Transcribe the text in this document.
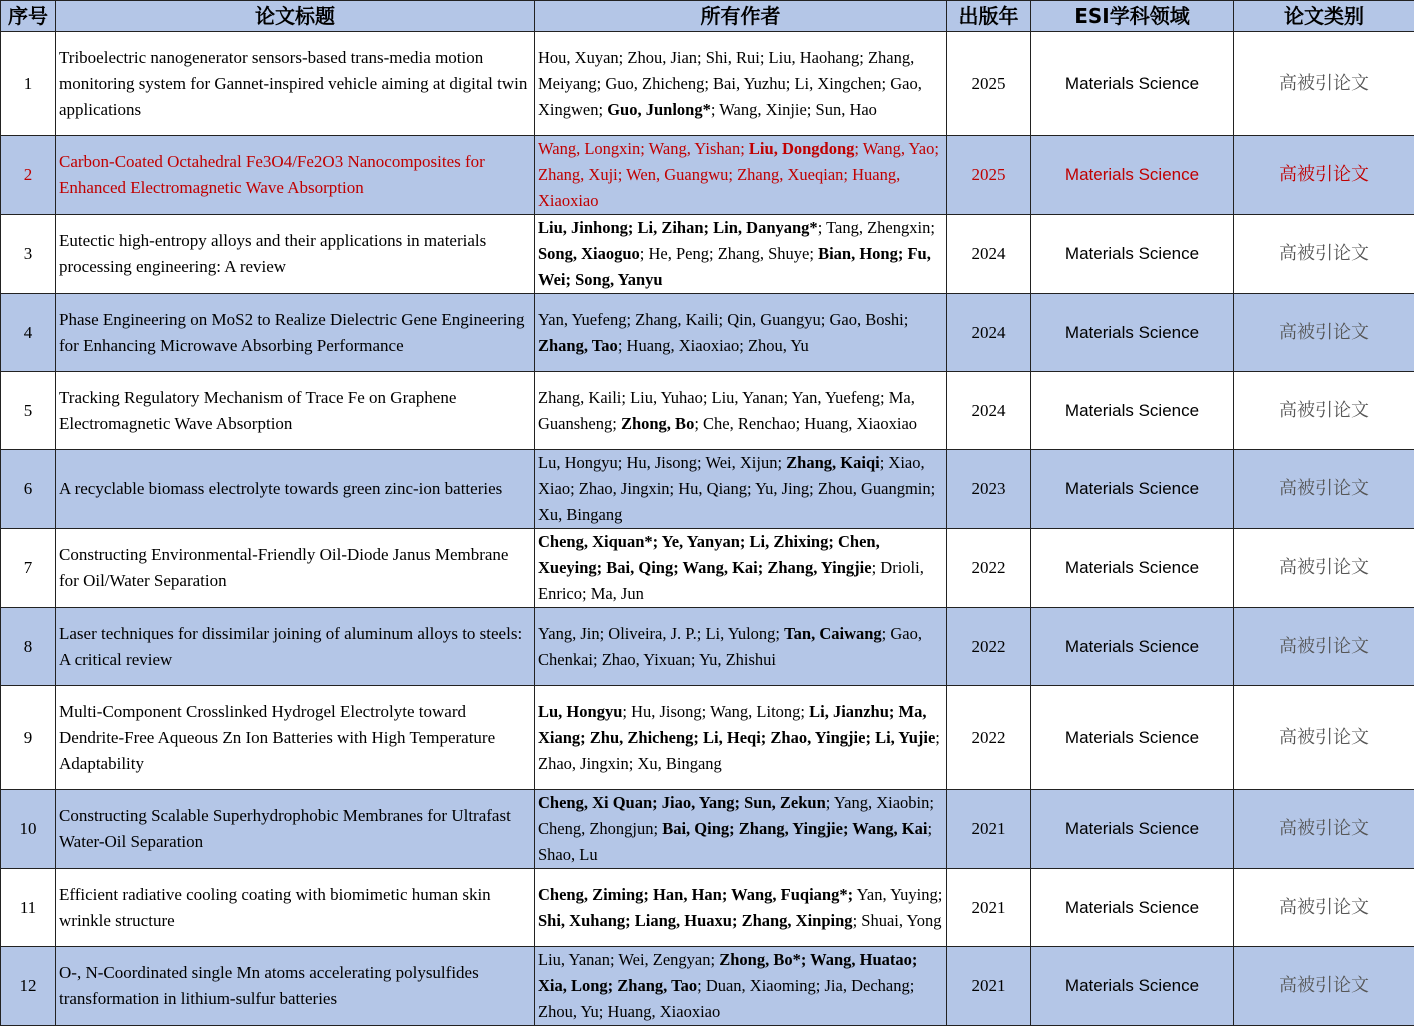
序号	论文标题	所有作者	出版年	ESI学科领域	论文类别
1	Triboelectric nanogenerator sensors-based trans-media motion monitoring system for Gannet-inspired vehicle aiming at digital twin applications	Hou, Xuyan; Zhou, Jian; Shi, Rui; Liu, Haohang; Zhang, Meiyang; Guo, Zhicheng; Bai, Yuzhu; Li, Xingchen; Gao, Xingwen; Guo, Junlong*; Wang, Xinjie; Sun, Hao	2025	Materials Science	高被引论文
2	Carbon-Coated Octahedral Fe3O4/Fe2O3 Nanocomposites for Enhanced Electromagnetic Wave Absorption	Wang, Longxin; Wang, Yishan; Liu, Dongdong; Wang, Yao; Zhang, Xuji; Wen, Guangwu; Zhang, Xueqian; Huang, Xiaoxiao	2025	Materials Science	高被引论文
3	Eutectic high-entropy alloys and their applications in materials processing engineering: A review	Liu, Jinhong; Li, Zihan; Lin, Danyang*; Tang, Zhengxin; Song, Xiaoguo; He, Peng; Zhang, Shuye; Bian, Hong; Fu, Wei; Song, Yanyu	2024	Materials Science	高被引论文
4	Phase Engineering on MoS2 to Realize Dielectric Gene Engineering for Enhancing Microwave Absorbing Performance	Yan, Yuefeng; Zhang, Kaili; Qin, Guangyu; Gao, Boshi; Zhang, Tao; Huang, Xiaoxiao; Zhou, Yu	2024	Materials Science	高被引论文
5	Tracking Regulatory Mechanism of Trace Fe on Graphene Electromagnetic Wave Absorption	Zhang, Kaili; Liu, Yuhao; Liu, Yanan; Yan, Yuefeng; Ma, Guansheng; Zhong, Bo; Che, Renchao; Huang, Xiaoxiao	2024	Materials Science	高被引论文
6	A recyclable biomass electrolyte towards green zinc-ion batteries	Lu, Hongyu; Hu, Jisong; Wei, Xijun; Zhang, Kaiqi; Xiao, Xiao; Zhao, Jingxin; Hu, Qiang; Yu, Jing; Zhou, Guangmin; Xu, Bingang	2023	Materials Science	高被引论文
7	Constructing Environmental-Friendly Oil-Diode Janus Membrane for Oil/Water Separation	Cheng, Xiquan*; Ye, Yanyan; Li, Zhixing; Chen, Xueying; Bai, Qing; Wang, Kai; Zhang, Yingjie; Drioli, Enrico; Ma, Jun	2022	Materials Science	高被引论文
8	Laser techniques for dissimilar joining of aluminum alloys to steels: A critical review	Yang, Jin; Oliveira, J. P.; Li, Yulong; Tan, Caiwang; Gao, Chenkai; Zhao, Yixuan; Yu, Zhishui	2022	Materials Science	高被引论文
9	Multi-Component Crosslinked Hydrogel Electrolyte toward Dendrite-Free Aqueous Zn Ion Batteries with High Temperature Adaptability	Lu, Hongyu; Hu, Jisong; Wang, Litong; Li, Jianzhu; Ma, Xiang; Zhu, Zhicheng; Li, Heqi; Zhao, Yingjie; Li, Yujie; Zhao, Jingxin; Xu, Bingang	2022	Materials Science	高被引论文
10	Constructing Scalable Superhydrophobic Membranes for Ultrafast Water-Oil Separation	Cheng, Xi Quan; Jiao, Yang; Sun, Zekun; Yang, Xiaobin; Cheng, Zhongjun; Bai, Qing; Zhang, Yingjie; Wang, Kai; Shao, Lu	2021	Materials Science	高被引论文
11	Efficient radiative cooling coating with biomimetic human skin wrinkle structure	Cheng, Ziming; Han, Han; Wang, Fuqiang*; Yan, Yuying; Shi, Xuhang; Liang, Huaxu; Zhang, Xinping; Shuai, Yong	2021	Materials Science	高被引论文
12	O-, N-Coordinated single Mn atoms accelerating polysulfides transformation in lithium-sulfur batteries	Liu, Yanan; Wei, Zengyan; Zhong, Bo*; Wang, Huatao; Xia, Long; Zhang, Tao; Duan, Xiaoming; Jia, Dechang; Zhou, Yu; Huang, Xiaoxiao	2021	Materials Science	高被引论文
